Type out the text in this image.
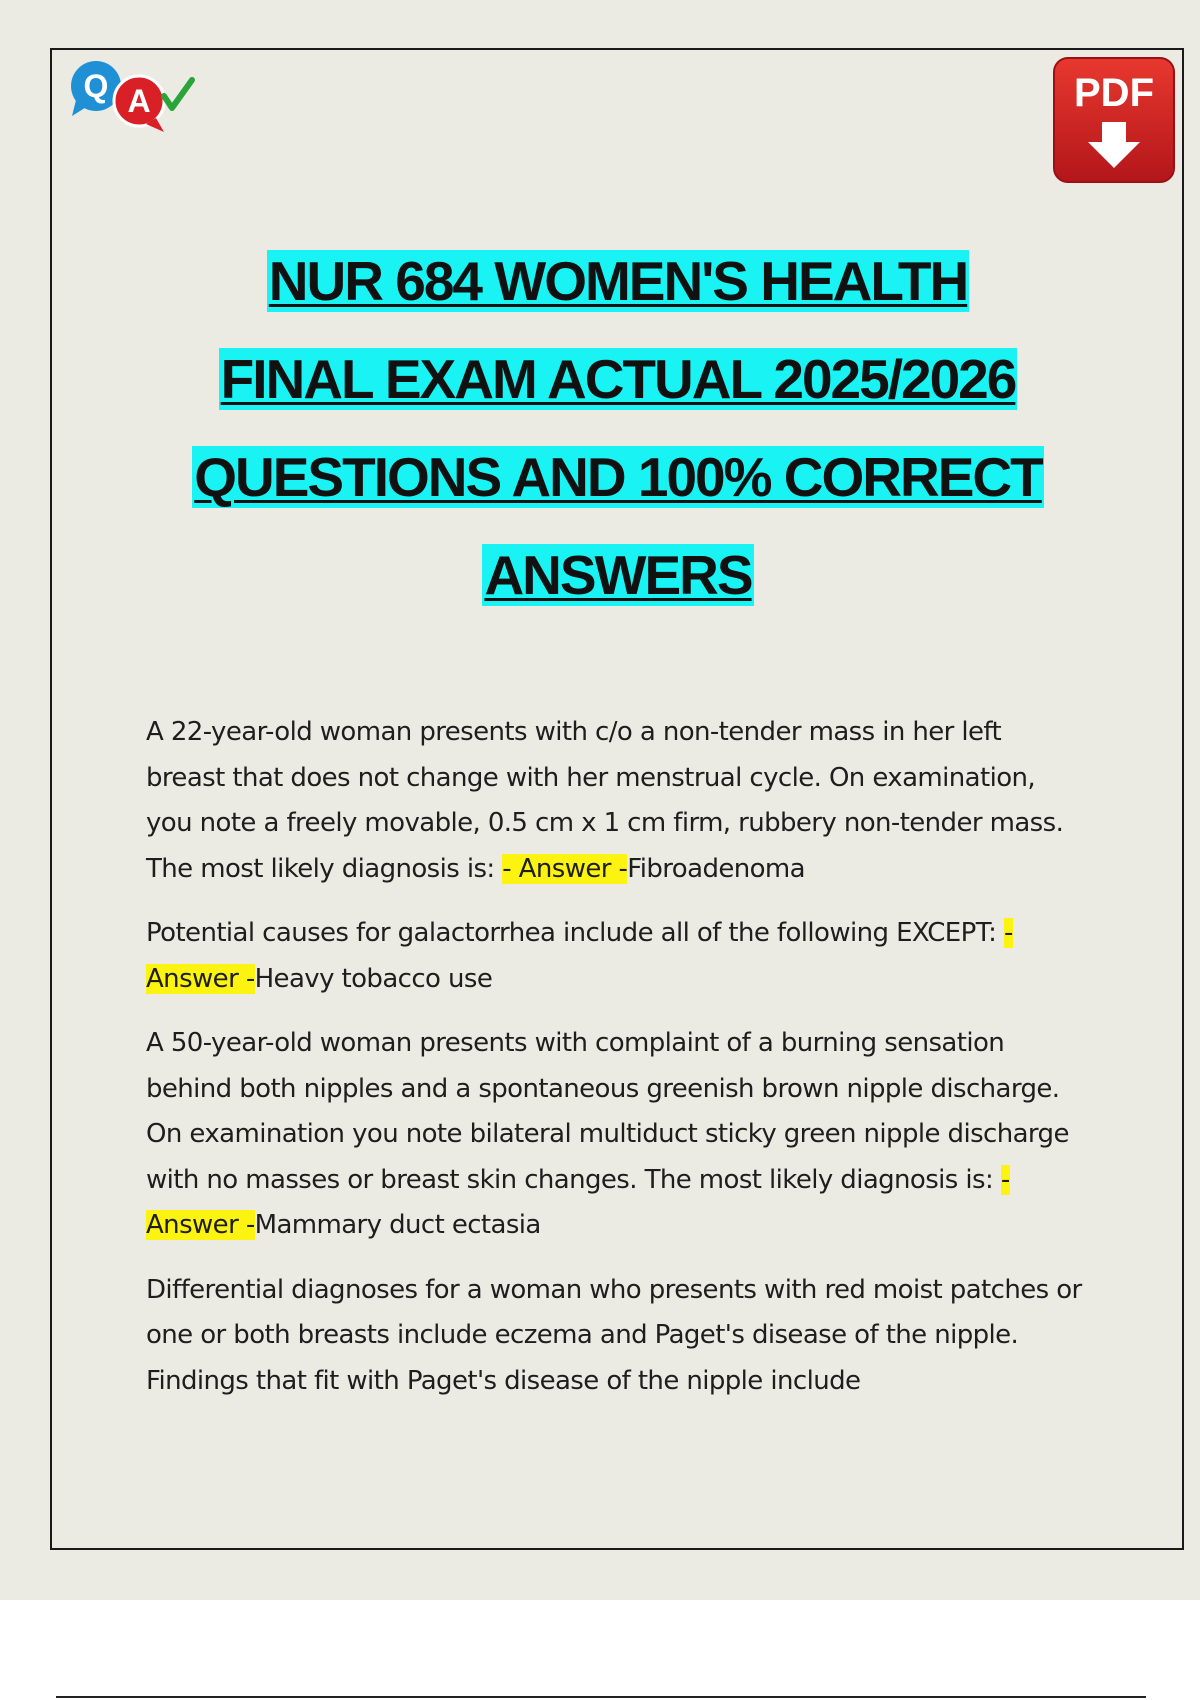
Q A	PDF
NUR 684 WOMEN'S HEALTH
FINAL EXAM ACTUAL 2025/2026
QUESTIONS AND 100% CORRECT
ANSWERS

A 22-year-old woman presents with c/o a non-tender mass in her left breast that does not change with her menstrual cycle. On examination, you note a freely movable, 0.5 cm x 1 cm firm, rubbery non-tender mass. The most likely diagnosis is: - Answer -Fibroadenoma

Potential causes for galactorrhea include all of the following EXCEPT: - Answer -Heavy tobacco use

A 50-year-old woman presents with complaint of a burning sensation behind both nipples and a spontaneous greenish brown nipple discharge. On examination you note bilateral multiduct sticky green nipple discharge with no masses or breast skin changes. The most likely diagnosis is: - Answer -Mammary duct ectasia

Differential diagnoses for a woman who presents with red moist patches or one or both breasts include eczema and Paget's disease of the nipple. Findings that fit with Paget's disease of the nipple include
